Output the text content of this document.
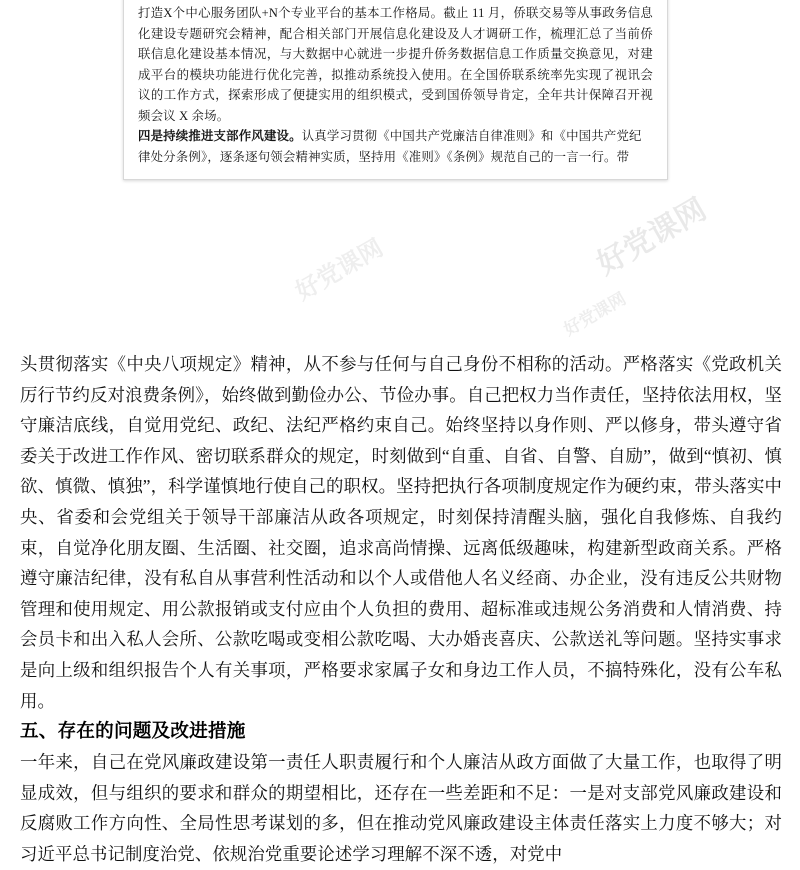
打造X个中心服务团队+N个专业平台的基本工作格局。截止 11 月，侨联交易等从事政务信息化建设专题研究会精神，配合相关部门开展信息化建设及人才调研工作，梳理汇总了当前侨联信息化建设基本情况，与大数据中心就进一步提升侨务数据信息工作质量交换意见，对建成平台的模块功能进行优化完善，拟推动系统投入使用。在全国侨联系统率先实现了视讯会议的工作方式，探索形成了便捷实用的组织模式，受到国侨领导肯定，全年共计保障召开视频会议 X 余场。

四是持续推进支部作风建设。

认真学习贯彻《中国共产党廉洁自律准则》和《中国共产党纪律处分条例》，逐条逐句领会精神实质，坚持用《准则》《条例》规范自己的一言一行。带

好党课网
好党课网
好党课网

头贯彻落实《中央八项规定》精神，从不参与任何与自己身份不相称的活动。严格落实《党政机关厉行节约反对浪费条例》，始终做到勤俭办公、节俭办事。自己把权力当作责任，坚持依法用权，坚守廉洁底线，自觉用党纪、政纪、法纪严格约束自己。始终坚持以身作则、严以修身，带头遵守省委关于改进工作作风、密切联系群众的规定，时刻做到“自重、自省、自警、自励”，做到“慎初、慎欲、慎微、慎独”，科学谨慎地行使自己的职权。坚持把执行各项制度规定作为硬约束，带头落实中央、省委和会党组关于领导干部廉洁从政各项规定，时刻保持清醒头脑，强化自我修炼、自我约束，自觉净化朋友圈、生活圈、社交圈，追求高尚情操、远离低级趣味，构建新型政商关系。严格遵守廉洁纪律，没有私自从事营利性活动和以个人或借他人名义经商、办企业，没有违反公共财物管理和使用规定、用公款报销或支付应由个人负担的费用、超标准或违规公务消费和人情消费、持会员卡和出入私人会所、公款吃喝或变相公款吃喝、大办婚丧喜庆、公款送礼等问题。坚持实事求是向上级和组织报告个人有关事项，严格要求家属子女和身边工作人员，不搞特殊化，没有公车私用。

五、存在的问题及改进措施

一年来，自己在党风廉政建设第一责任人职责履行和个人廉洁从政方面做了大量工作，也取得了明显成效，但与组织的要求和群众的期望相比，还存在一些差距和不足：一是对支部党风廉政建设和反腐败工作方向性、全局性思考谋划的多，但在推动党风廉政建设主体责任落实上力度不够大；对习近平总书记制度治党、依规治党重要论述学习理解不深不透，对党中
